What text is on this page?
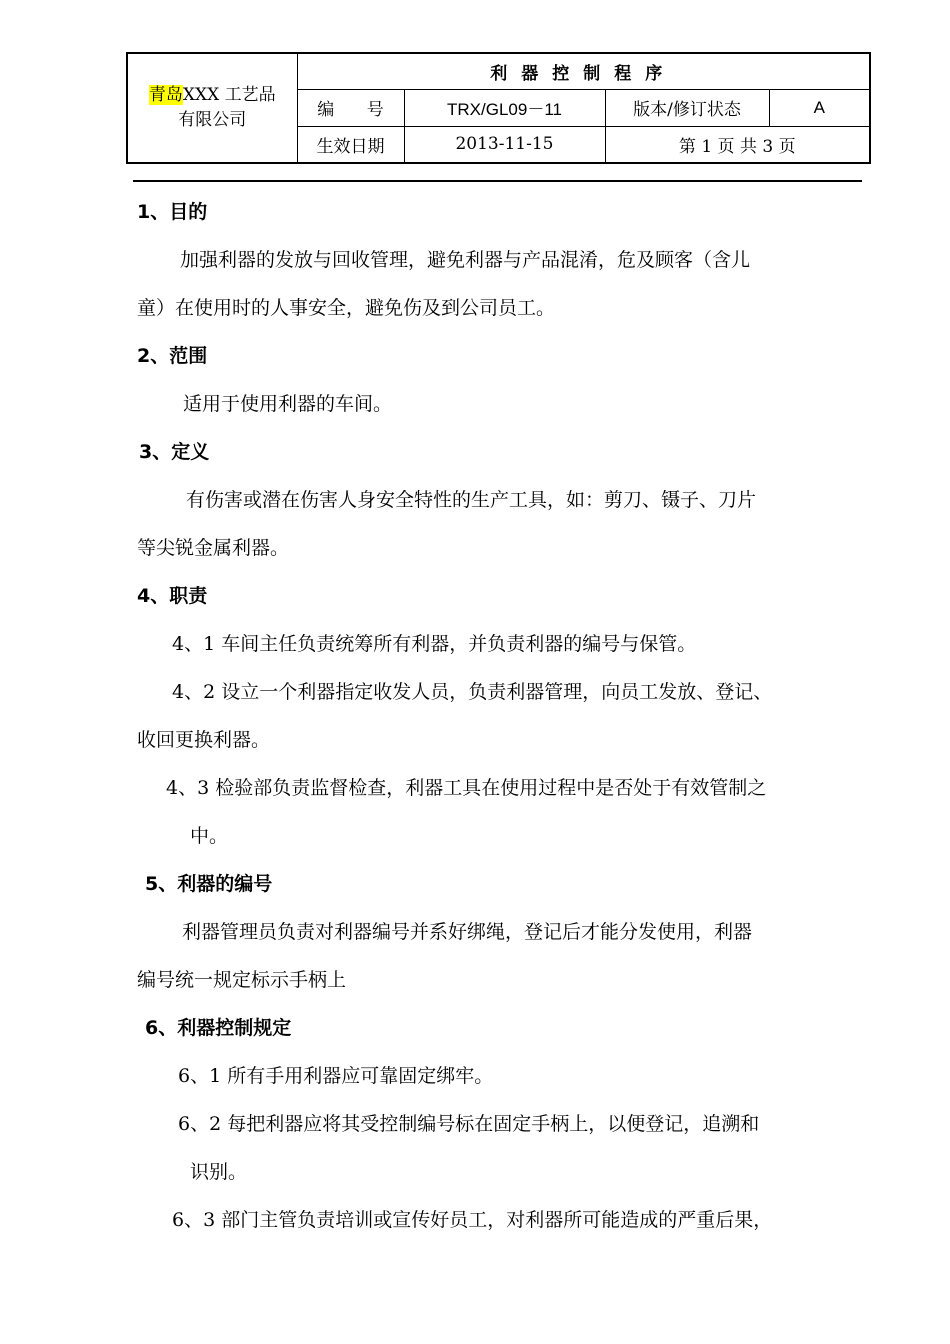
青岛XXX 工艺品
有限公司	利器控制程序			
	编      号	TRX/GL09－11	版本/修订状态	A
	生效日期	2013-11-15	第 1 页 共 3 页	
1、目的
加强利器的发放与回收管理，避免利器与产品混淆，危及顾客（含儿
童）在使用时的人事安全，避免伤及到公司员工。
2、范围
适用于使用利器的车间。
3、定义
有伤害或潜在伤害人身安全特性的生产工具，如：剪刀、镊子、刀片
等尖锐金属利器。
4、职责
4、1 车间主任负责统筹所有利器，并负责利器的编号与保管。
4、2 设立一个利器指定收发人员，负责利器管理，向员工发放、登记、
收回更换利器。
4、3 检验部负责监督检查，利器工具在使用过程中是否处于有效管制之
中。
5、利器的编号
利器管理员负责对利器编号并系好绑绳，登记后才能分发使用，利器
编号统一规定标示手柄上
6、利器控制规定
6、1 所有手用利器应可靠固定绑牢。
6、2 每把利器应将其受控制编号标在固定手柄上，以便登记，追溯和
识别。
6、3 部门主管负责培训或宣传好员工，对利器所可能造成的严重后果，
